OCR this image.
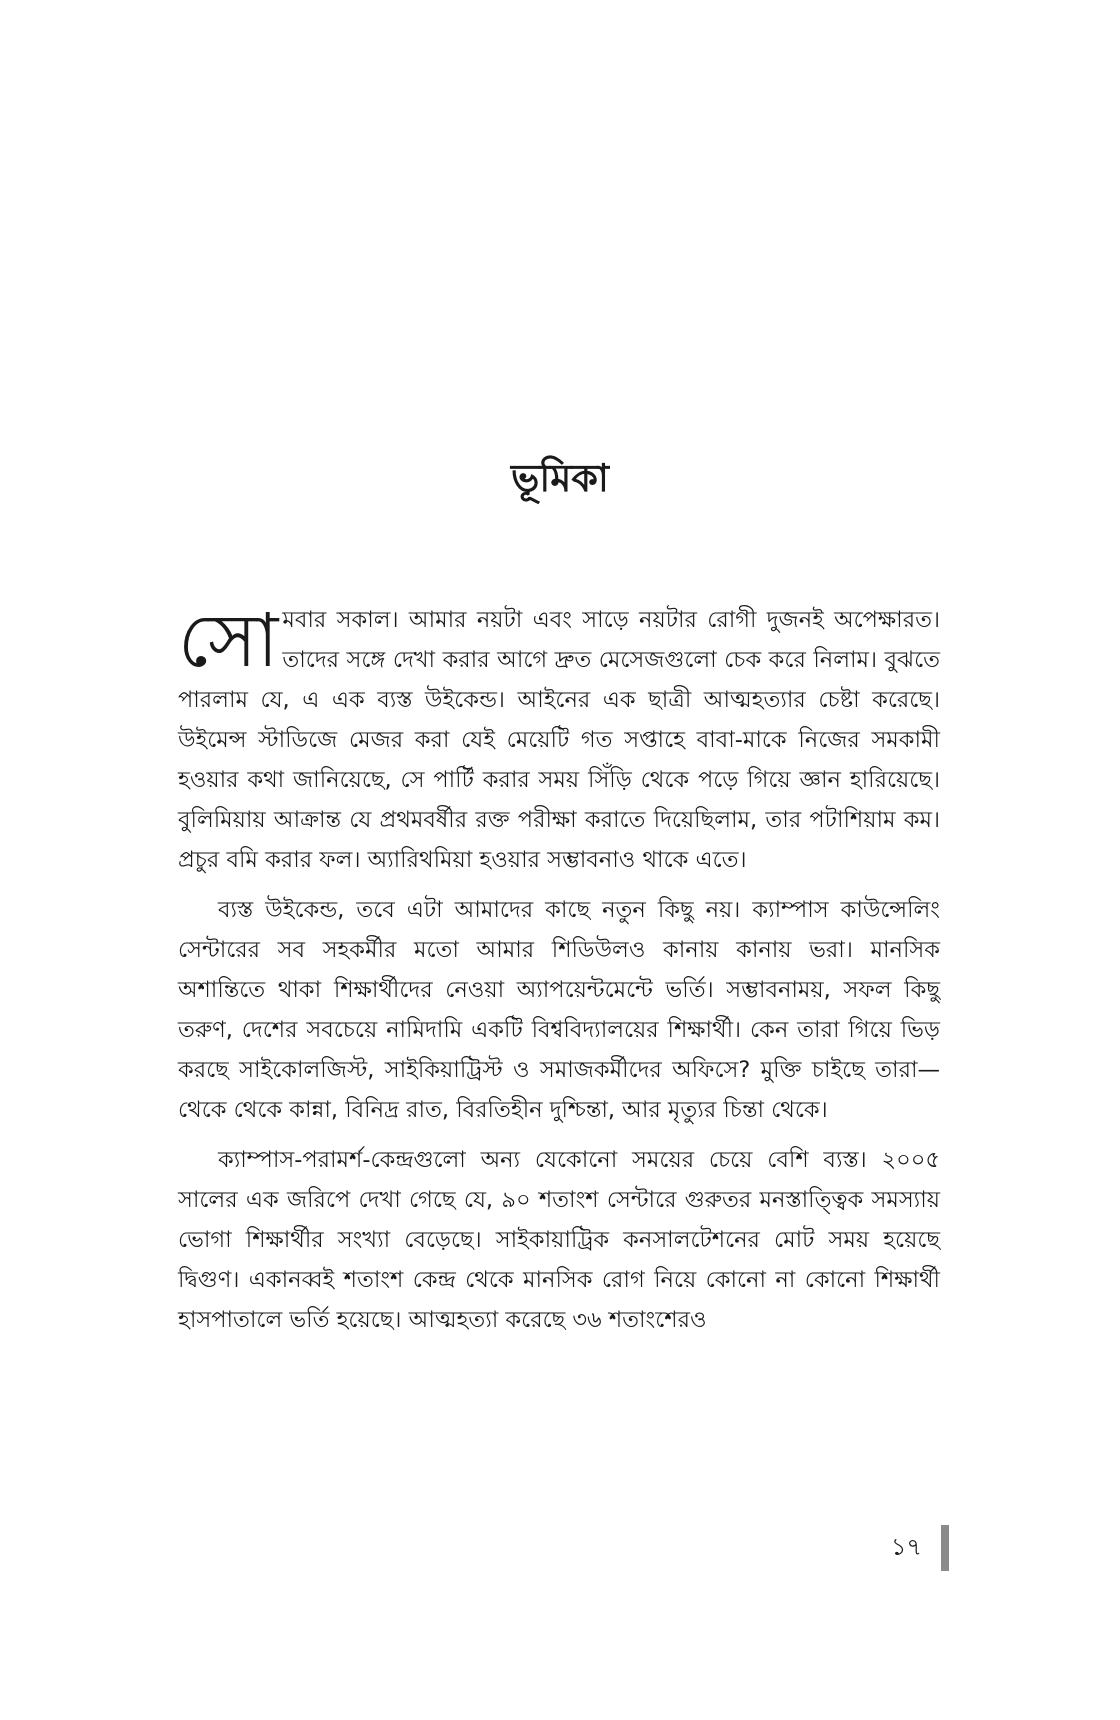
ভূমিকা

সোমবার সকাল। আমার নয়টা এবং সাড়ে নয়টার রোগী দুজনই অপেক্ষারত। তাদের সঙ্গে দেখা করার আগে দ্রুত মেসেজগুলো চেক করে নিলাম। বুঝতে পারলাম যে, এ এক ব্যস্ত উইকেন্ড। আইনের এক ছাত্রী আত্মহত্যার চেষ্টা করেছে। উইমেন্স স্টাডিজে মেজর করা যেই মেয়েটি গত সপ্তাহে বাবা-মাকে নিজের সমকামী হওয়ার কথা জানিয়েছে, সে পার্টি করার সময় সিঁড়ি থেকে পড়ে গিয়ে জ্ঞান হারিয়েছে। বুলিমিয়ায় আক্রান্ত যে প্রথমবর্ষীর রক্ত পরীক্ষা করাতে দিয়েছিলাম, তার পটাশিয়াম কম। প্রচুর বমি করার ফল। অ্যারিথমিয়া হওয়ার সম্ভাবনাও থাকে এতে।

ব্যস্ত উইকেন্ড, তবে এটা আমাদের কাছে নতুন কিছু নয়। ক্যাম্পাস কাউন্সেলিং সেন্টারের সব সহকর্মীর মতো আমার শিডিউলও কানায় কানায় ভরা। মানসিক অশান্তিতে থাকা শিক্ষার্থীদের নেওয়া অ্যাপয়েন্টমেন্টে ভর্তি। সম্ভাবনাময়, সফল কিছু তরুণ, দেশের সবচেয়ে নামিদামি একটি বিশ্ববিদ্যালয়ের শিক্ষার্থী। কেন তারা গিয়ে ভিড় করছে সাইকোলজিস্ট, সাইকিয়াট্রিস্ট ও সমাজকর্মীদের অফিসে? মুক্তি চাইছে তারা—থেকে থেকে কান্না, বিনিদ্র রাত, বিরতিহীন দুশ্চিন্তা, আর মৃত্যুর চিন্তা থেকে।

ক্যাম্পাস-পরামর্শ-কেন্দ্রগুলো অন্য যেকোনো সময়ের চেয়ে বেশি ব্যস্ত। ২০০৫ সালের এক জরিপে দেখা গেছে যে, ৯০ শতাংশ সেন্টারে গুরুতর মনস্তাত্ত্বিক সমস্যায় ভোগা শিক্ষার্থীর সংখ্যা বেড়েছে। সাইকায়াট্রিক কনসালটেশনের মোট সময় হয়েছে দ্বিগুণ। একানব্বই শতাংশ কেন্দ্র থেকে মানসিক রোগ নিয়ে কোনো না কোনো শিক্ষার্থী হাসপাতালে ভর্তি হয়েছে। আত্মহত্যা করেছে ৩৬ শতাংশেরও

১৭
